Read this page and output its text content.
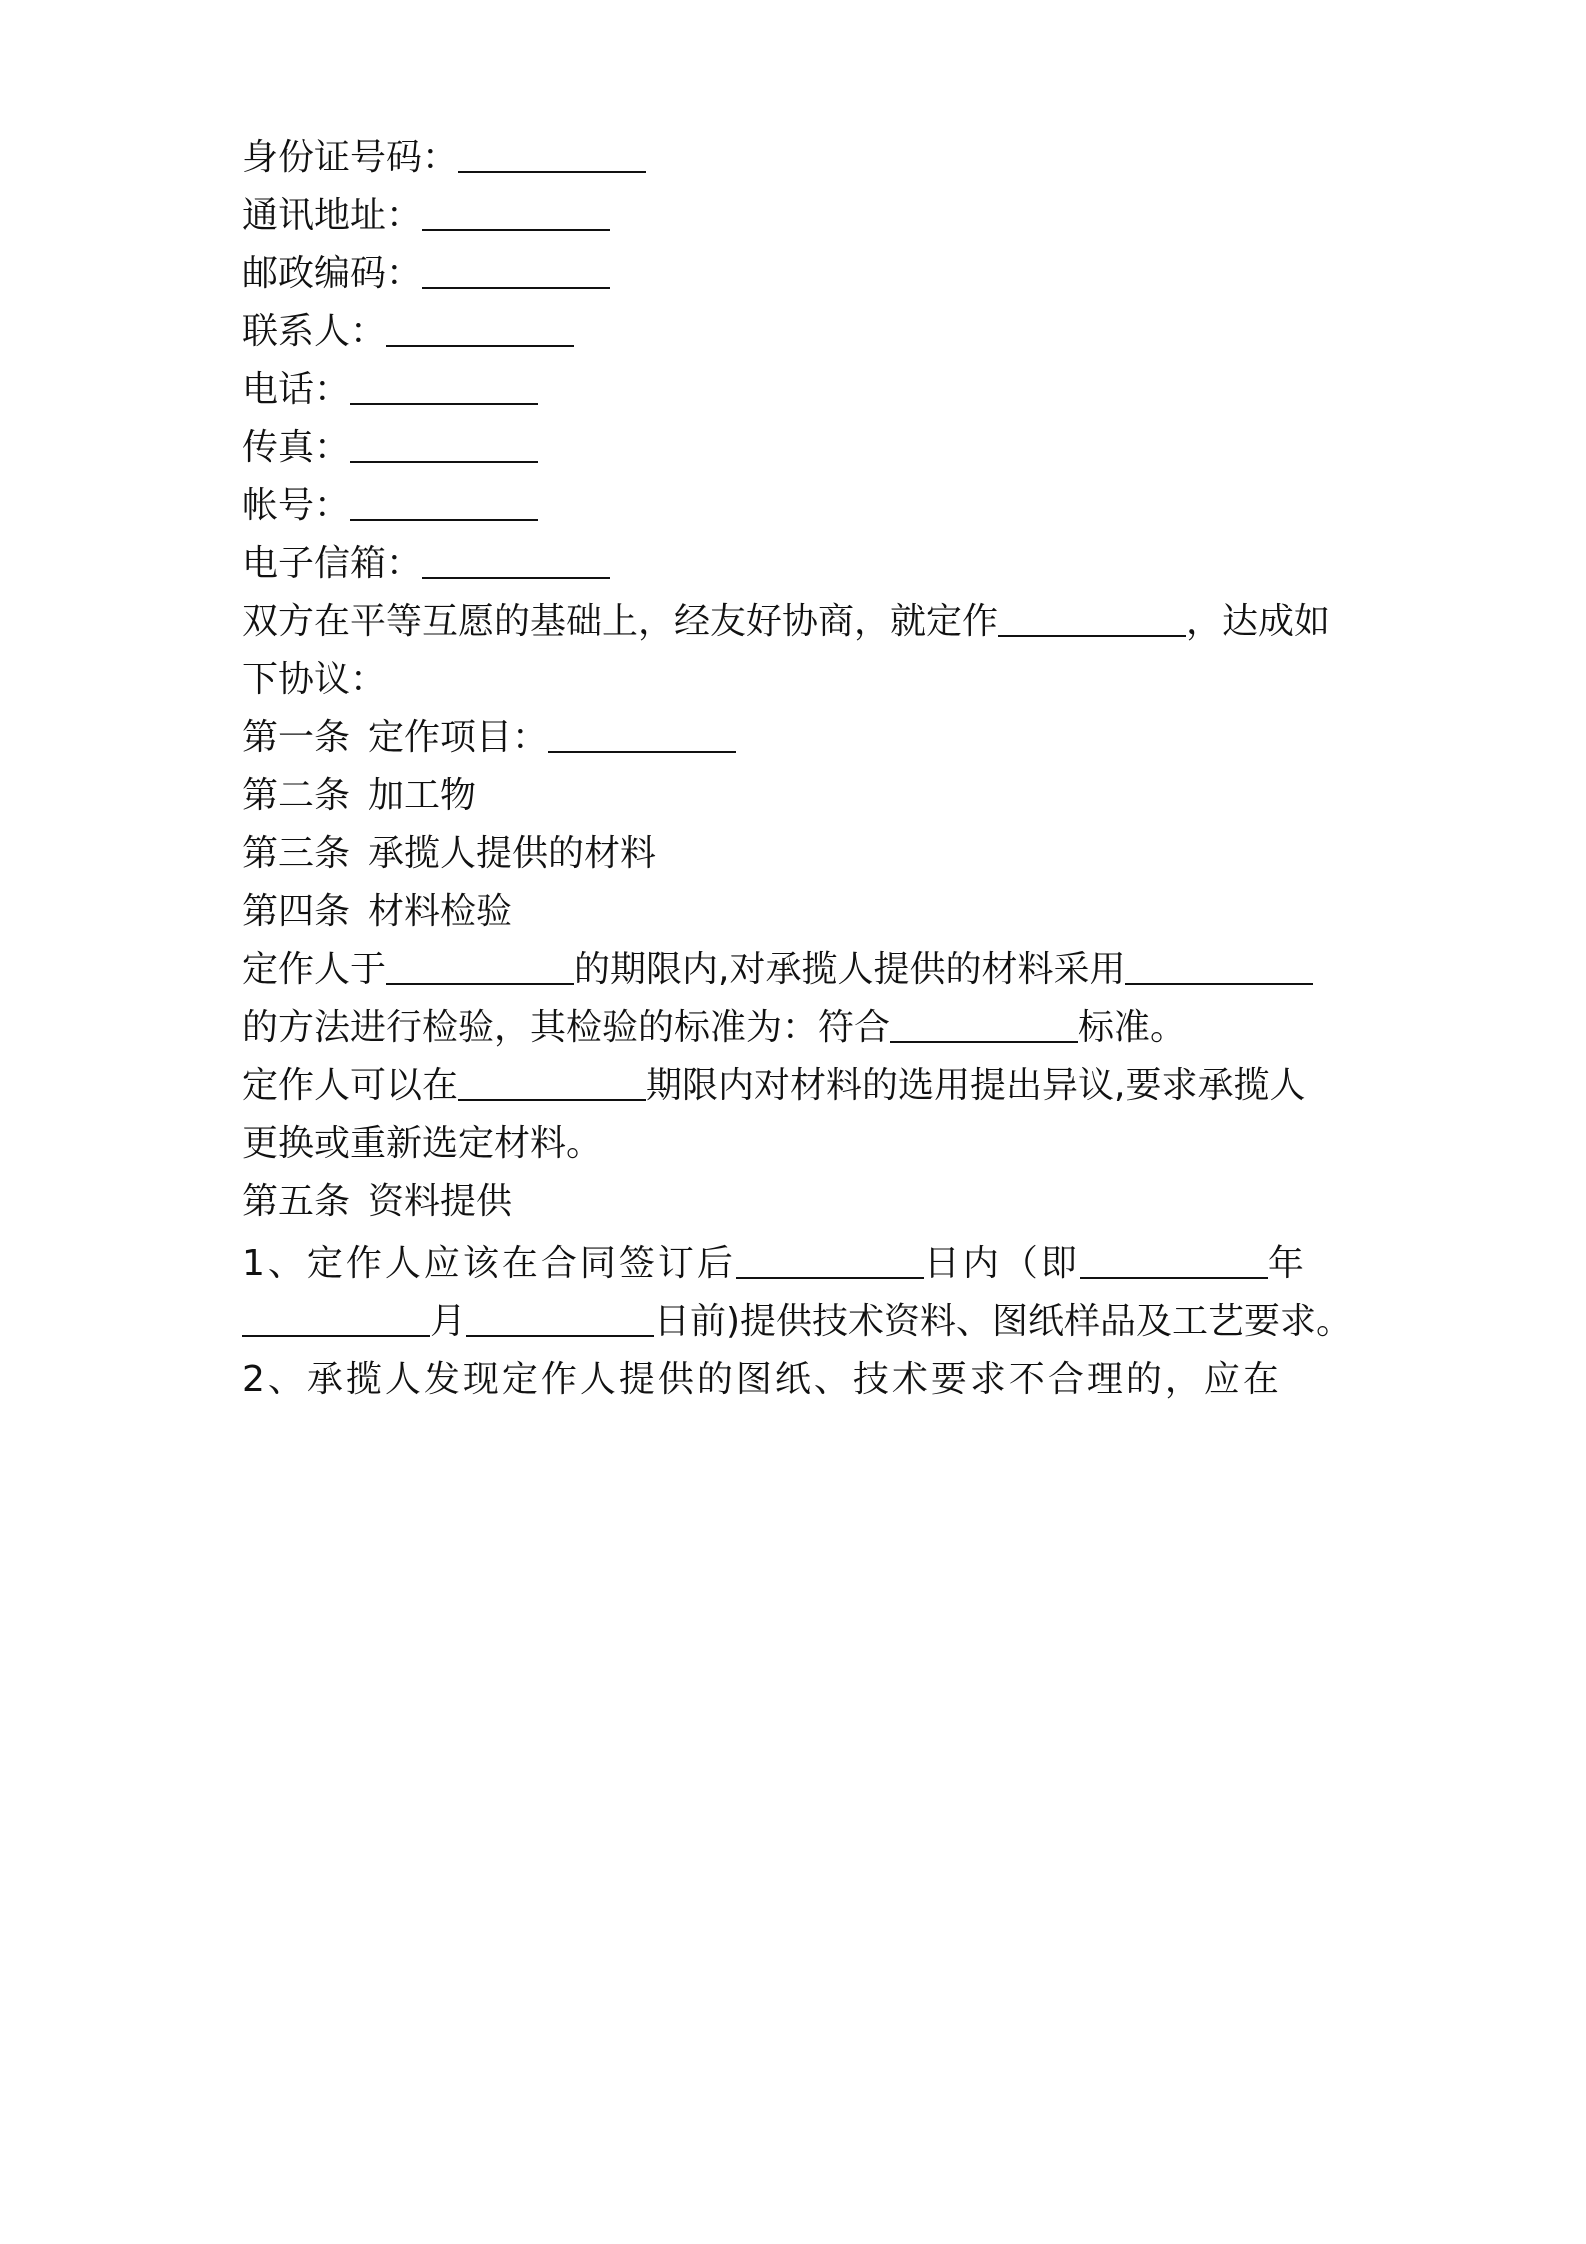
身份证号码：
通讯地址：
邮政编码：
联系人：
电话：
传真：
帐号：
电子信箱：
双方在平等互愿的基础上，经友好协商，就定作	，达成如
下协议：
第一条 定作项目：
第二条 加工物
第三条 承揽人提供的材料
第四条 材料检验
定作人于	的期限内,对承揽人提供的材料采用
的方法进行检验，其检验的标准为：符合	标准。
定作人可以在	期限内对材料的选用提出异议,要求承揽人
更换或重新选定材料。
第五条 资料提供
1、定作人应该在合同签订后	日内（即	年
月	日前)提供技术资料、图纸样品及工艺要求。
2、承揽人发现定作人提供的图纸、技术要求不合理的，应在
